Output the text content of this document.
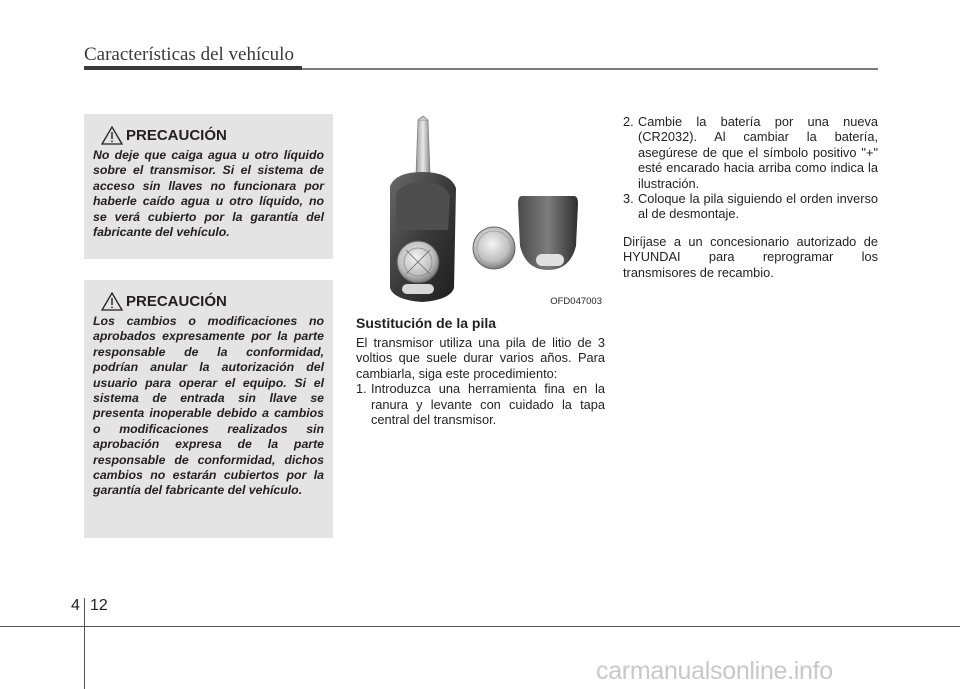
Características del vehículo
PRECAUCIÓN
No deje que caiga agua u otro líquido sobre el transmisor. Si el sistema de acceso sin llaves no funcionara por haberle caído agua u otro líquido, no se verá cubierto por la garantía del fabricante del vehículo.
PRECAUCIÓN
Los cambios o modificaciones no aprobados expresamente por la parte responsable de la conformidad, podrían anular la autorización del usuario para operar el equipo. Si el sistema de entrada sin llave se presenta inoperable debido a cambios o modificaciones realizados sin aprobación expresa de la parte responsable de conformidad, dichos cambios no estarán cubiertos por la garantía del fabricante del vehículo.
OFD047003
Sustitución de la pila
El transmisor utiliza una pila de litio de 3 voltios que suele durar varios años. Para cambiarla, siga este procedimiento:
1. Introduzca una herramienta fina en la ranura y levante con cuidado la tapa central del transmisor.
2. Cambie la batería por una nueva (CR2032). Al cambiar la batería, asegúrese de que el símbolo positivo "+" esté encarado hacia arriba como indica la ilustración.
3. Coloque la pila siguiendo el orden inverso al de desmontaje.
Diríjase a un concesionario autorizado de HYUNDAI para reprogramar los transmisores de recambio.
4 12
carmanualsonline.info
